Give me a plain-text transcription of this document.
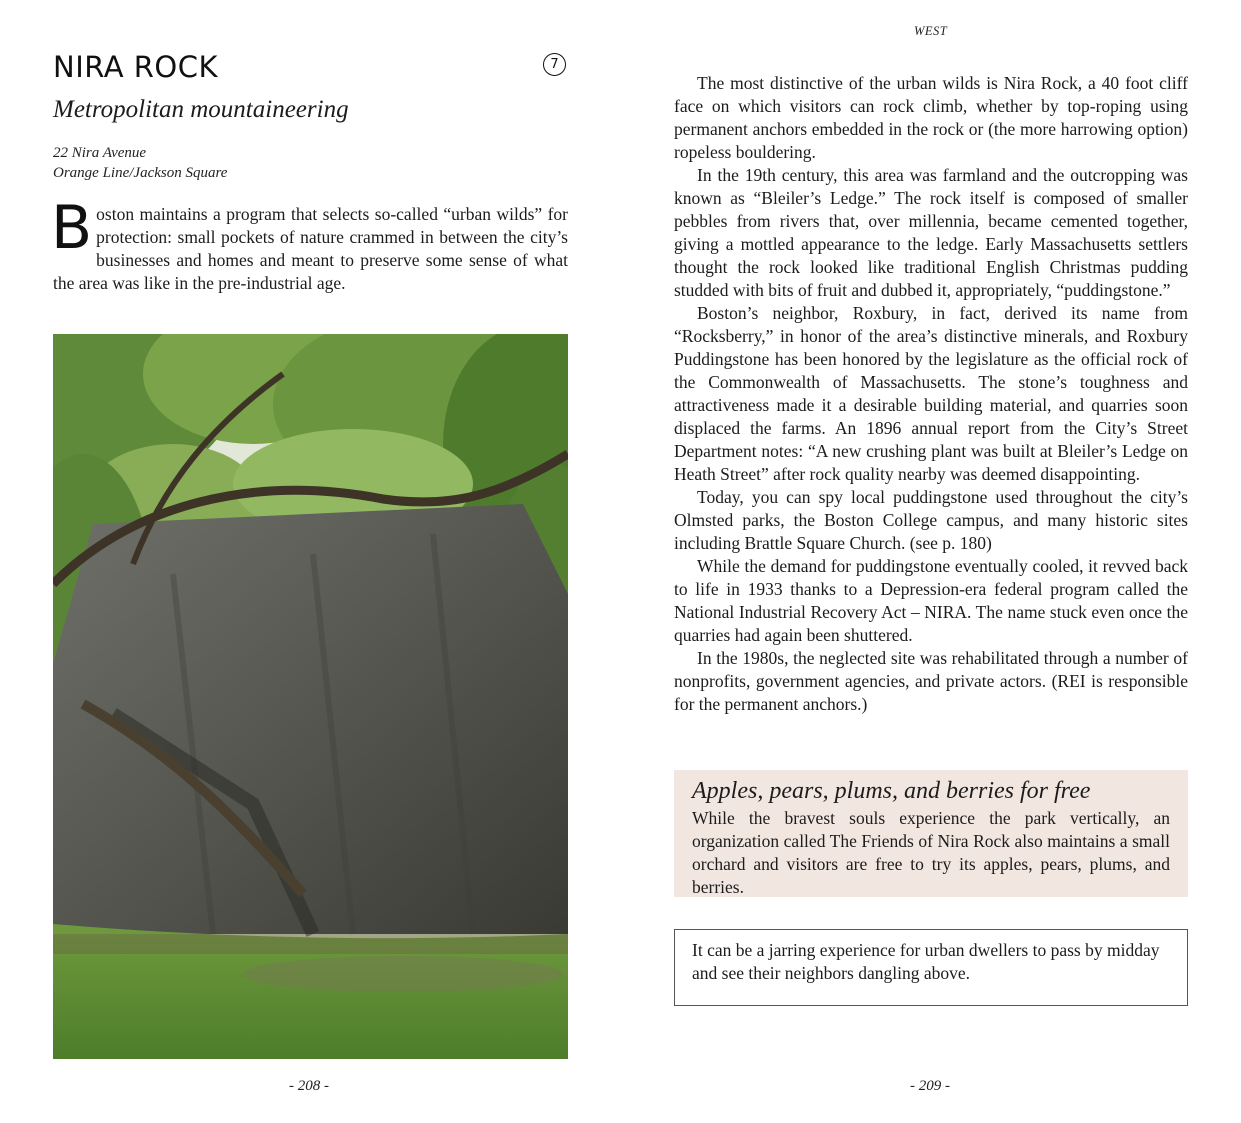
NIRA ROCK	7
Metropolitan mountaineering
22 Nira Avenue
Orange Line/Jackson Square

Boston maintains a program that selects so-called “urban wilds” for protection: small pockets of nature crammed in between the city’s businesses and homes and meant to preserve some sense of what the area was like in the pre-industrial age.

- 208 -
WEST

The most distinctive of the urban wilds is Nira Rock, a 40 foot cliff face on which visitors can rock climb, whether by top-roping using permanent anchors embedded in the rock or (the more harrowing option) ropeless bouldering.

In the 19th century, this area was farmland and the outcropping was known as “Bleiler’s Ledge.” The rock itself is composed of smaller pebbles from rivers that, over millennia, became cemented together, giving a mottled appearance to the ledge. Early Massachusetts settlers thought the rock looked like traditional English Christmas pudding studded with bits of fruit and dubbed it, appropriately, “puddingstone.”

Boston’s neighbor, Roxbury, in fact, derived its name from “Rocksberry,” in honor of the area’s distinctive minerals, and Roxbury Puddingstone has been honored by the legislature as the official rock of the Commonwealth of Massachusetts. The stone’s toughness and attractiveness made it a desirable building material, and quarries soon displaced the farms. An 1896 annual report from the City’s Street Department notes: “A new crushing plant was built at Bleiler’s Ledge on Heath Street” after rock quality nearby was deemed disappointing.

Today, you can spy local puddingstone used throughout the city’s Olmsted parks, the Boston College campus, and many historic sites including Brattle Square Church. (see p. 180)

While the demand for puddingstone eventually cooled, it revved back to life in 1933 thanks to a Depression-era federal program called the National Industrial Recovery Act – NIRA. The name stuck even once the quarries had again been shuttered.

In the 1980s, the neglected site was rehabilitated through a number of nonprofits, government agencies, and private actors. (REI is responsible for the permanent anchors.)

Apples, pears, plums, and berries for free

While the bravest souls experience the park vertically, an organization called The Friends of Nira Rock also maintains a small orchard and visitors are free to try its apples, pears, plums, and berries.

It can be a jarring experience for urban dwellers to pass by midday and see their neighbors dangling above.

- 209 -
